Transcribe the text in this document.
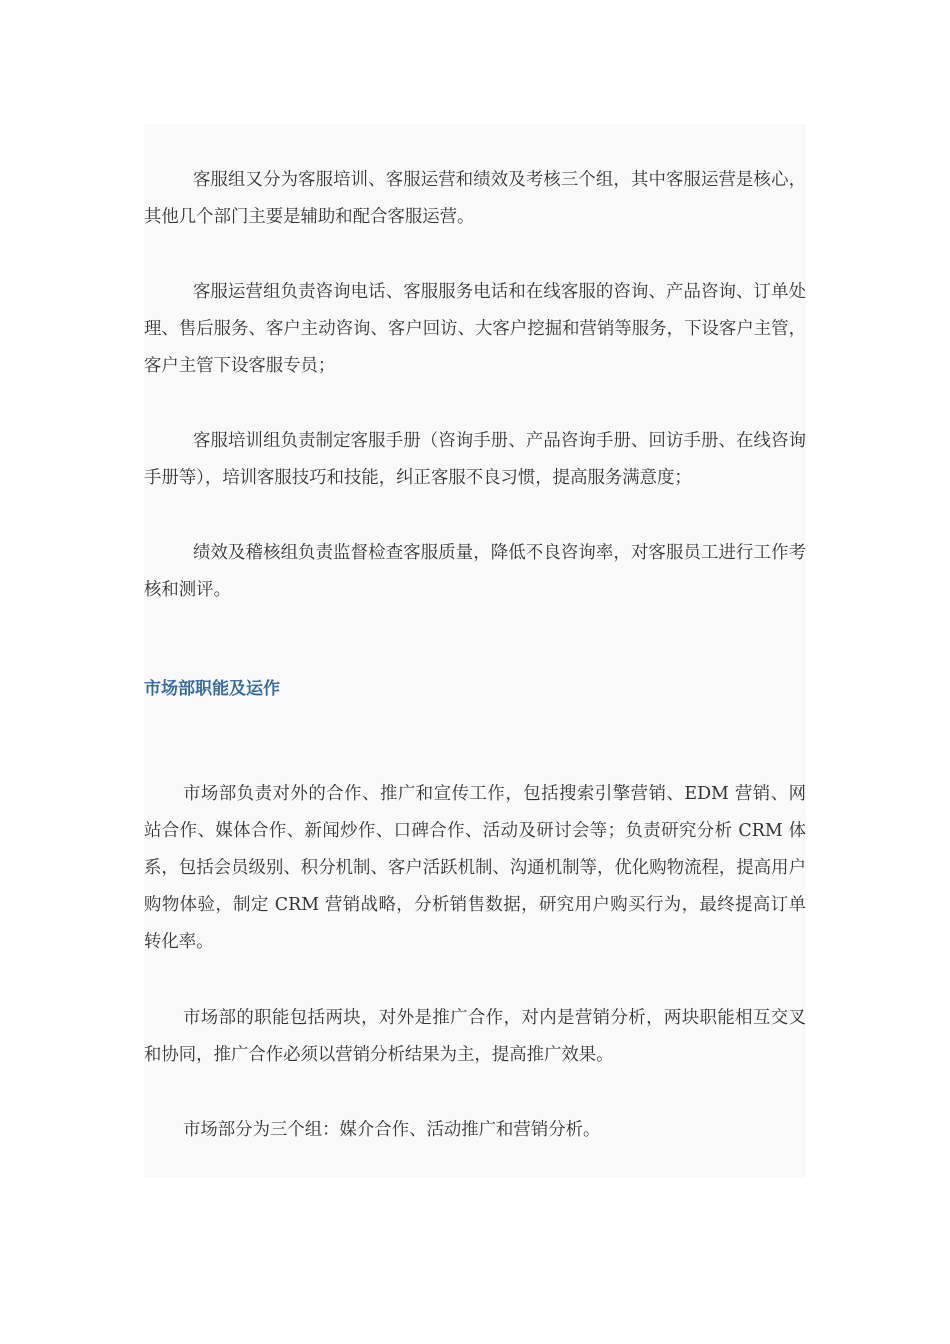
客服组又分为客服培训、客服运营和绩效及考核三个组，其中客服运营是核心，其他几个部门主要是辅助和配合客服运营。

客服运营组负责咨询电话、客服服务电话和在线客服的咨询、产品咨询、订单处理、售后服务、客户主动咨询、客户回访、大客户挖掘和营销等服务，下设客户主管，客户主管下设客服专员；

客服培训组负责制定客服手册（咨询手册、产品咨询手册、回访手册、在线咨询手册等），培训客服技巧和技能，纠正客服不良习惯，提高服务满意度；

绩效及稽核组负责监督检查客服质量，降低不良咨询率，对客服员工进行工作考核和测评。

市场部职能及运作

市场部负责对外的合作、推广和宣传工作，包括搜索引擎营销、EDM 营销、网站合作、媒体合作、新闻炒作、口碑合作、活动及研讨会等；负责研究分析 CRM 体系，包括会员级别、积分机制、客户活跃机制、沟通机制等，优化购物流程，提高用户购物体验，制定 CRM 营销战略，分析销售数据，研究用户购买行为，最终提高订单转化率。

市场部的职能包括两块，对外是推广合作，对内是营销分析，两块职能相互交叉和协同，推广合作必须以营销分析结果为主，提高推广效果。

市场部分为三个组：媒介合作、活动推广和营销分析。
